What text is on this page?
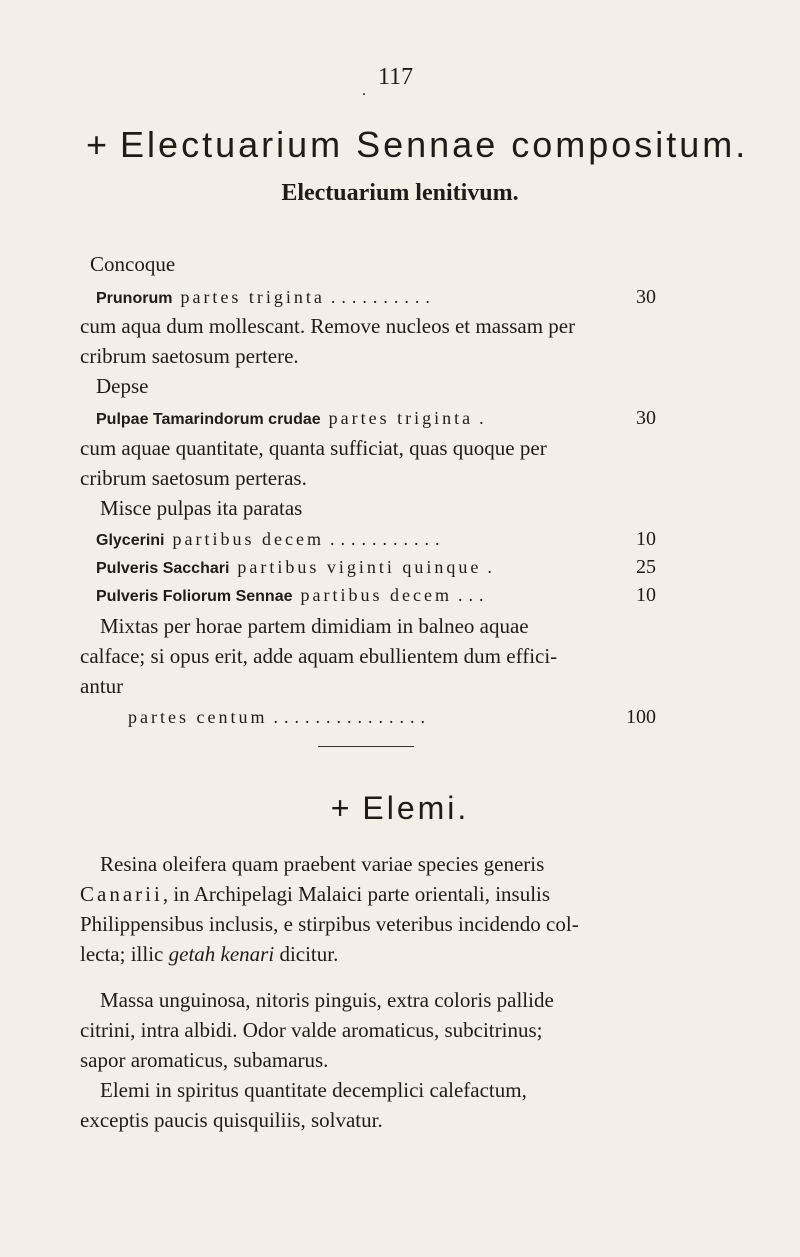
.
117
+ Electuarium Sennae compositum.
Electuarium lenitivum.
Concoque
Prunorum partes triginta ..........	30
cum aqua dum mollescant. Remove nucleos et massam per
cribrum saetosum pertere.
Depse
Pulpae Tamarindorum crudae partes triginta .	30
cum aquae quantitate, quanta sufficiat, quas quoque per
cribrum saetosum perteras.
Misce pulpas ita paratas
Glycerini partibus decem ...........	10
Pulveris Sacchari partibus viginti quinque .	25
Pulveris Foliorum Sennae partibus decem ...	10
Mixtas per horae partem dimidiam in balneo aquae
calface; si opus erit, adde aquam ebullientem dum effici-
antur
partes centum ...............	100
+ Elemi.
Resina oleifera quam praebent variae species generis
Canarii, in Archipelagi Malaici parte orientali, insulis
Philippensibus inclusis, e stirpibus veteribus incidendo col-
lecta; illic getah kenari dicitur.
Massa unguinosa, nitoris pinguis, extra coloris pallide
citrini, intra albidi. Odor valde aromaticus, subcitrinus;
sapor aromaticus, subamarus.
Elemi in spiritus quantitate decemplici calefactum,
exceptis paucis quisquiliis, solvatur.
